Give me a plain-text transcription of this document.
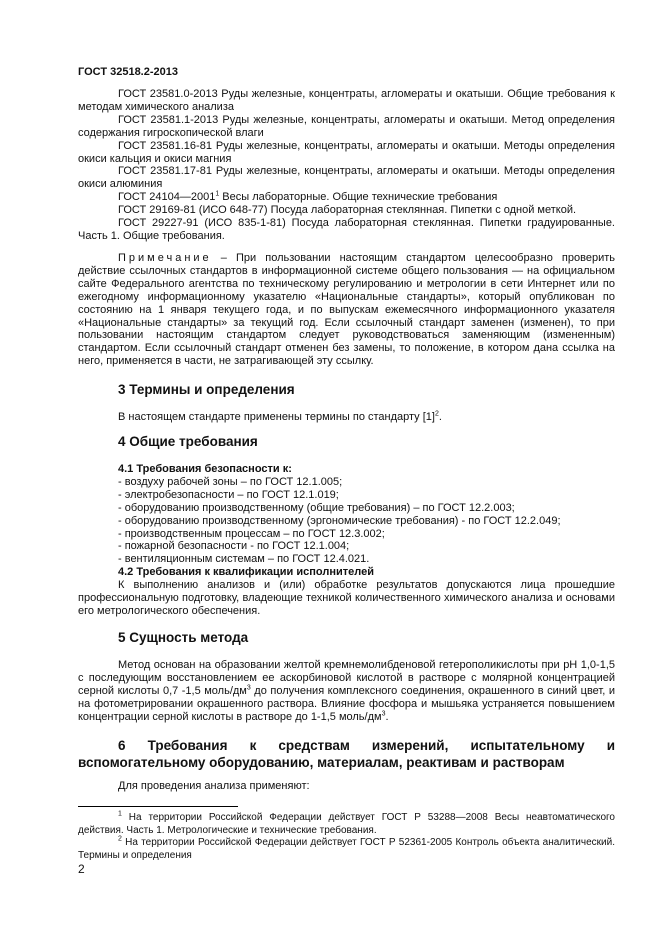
ГОСТ 32518.2-2013

ГОСТ 23581.0-2013 Руды железные, концентраты, агломераты и окатыши. Общие требования к методам химического анализа

ГОСТ 23581.1-2013 Руды железные, концентраты, агломераты и окатыши. Метод определения содержания гигроскопической влаги

ГОСТ 23581.16-81 Руды железные, концентраты, агломераты и окатыши. Методы определения окиси кальция и окиси магния

ГОСТ 23581.17-81 Руды железные, концентраты, агломераты и окатыши. Методы определения окиси алюминия

ГОСТ 24104—2001$^1$ Весы лабораторные. Общие технические требования

ГОСТ 29169-81 (ИСО 648-77) Посуда лабораторная стеклянная. Пипетки с одной меткой.

ГОСТ 29227-91 (ИСО 835-1-81) Посуда лабораторная стеклянная. Пипетки градуированные. Часть 1. Общие требования.

Примечание – При пользовании настоящим стандартом целесообразно проверить действие ссылочных стандартов в информационной системе общего пользования — на официальном сайте Федерального агентства по техническому регулированию и метрологии в сети Интернет или по ежегодному информационному указателю «Национальные стандарты», который опубликован по состоянию на 1 января текущего года, и по выпускам ежемесячного информационного указателя «Национальные стандарты» за текущий год. Если ссылочный стандарт заменен (изменен), то при пользовании настоящим стандартом следует руководствоваться заменяющим (измененным) стандартом. Если ссылочный стандарт отменен без замены, то положение, в котором дана ссылка на него, применяется в части, не затрагивающей эту ссылку.

3 Термины и определения

В настоящем стандарте применены термины по стандарту $[1]^2$.

4 Общие требования
4.1 Требования безопасности к:
- воздуху рабочей зоны – по ГОСТ 12.1.005;
- электробезопасности – по ГОСТ 12.1.019;
- оборудованию производственному (общие требования) – по ГОСТ 12.2.003;
- оборудованию производственному (эргономические требования) - по ГОСТ 12.2.049;
- производственным процессам – по ГОСТ 12.3.002;
- пожарной безопасности - по ГОСТ 12.1.004;
- вентиляционным системам – по ГОСТ 12.4.021.
4.2 Требования к квалификации исполнителей

К выполнению анализов и (или) обработке результатов допускаются лица прошедшие профессиональную подготовку, владеющие техникой количественного химического анализа и основами его метрологического обеспечения.

5 Сущность метода

Метод основан на образовании желтой кремнемолибденовой гетерополикислоты при pH 1,0-1,5 с последующим восстановлением ее аскорбиновой кислотой в растворе с молярной концентрацией серной кислоты 0,7 -1,5 моль/$дм^3$ до получения комплексного соединения, окрашенного в синий цвет, и на фотометрировании окрашенного раствора. Влияние фосфора и мышьяка устраняется повышением концентрации серной кислоты в растворе до 1-1,5 моль/$дм^3$.

6 Требования к средствам измерений, испытательному и вспомогательному оборудованию, материалам, реактивам и растворам

Для проведения анализа применяют:

$^1$ На территории Российской Федерации действует ГОСТ Р 53288—2008 Весы неавтоматического действия. Часть 1. Метрологические и технические требования.
$^2$ На территории Российской Федерации действует ГОСТ Р 52361-2005 Контроль объекта аналитический. Термины и определения
2
